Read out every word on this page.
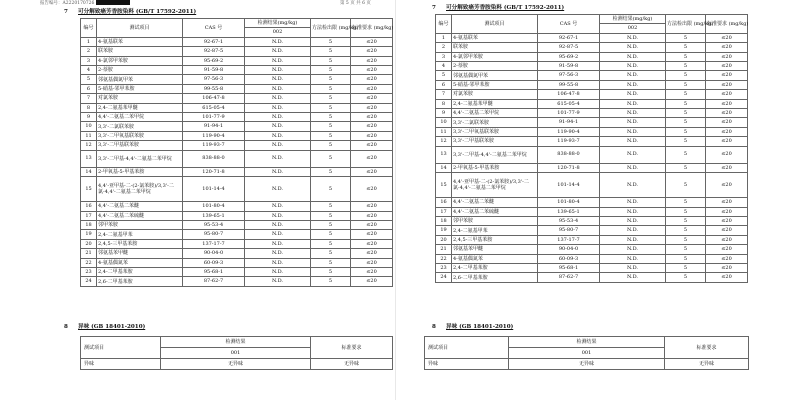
报告编号：A2220170726	第 5 页 共 6 页
7 可分解致癌芳香胺染料 (GB/T 17592-2011)
编号	测试项目	CAS 号	检测结果(mg/kg)	方法检出限 (mg/kg)	标准要求 (mg/kg)
			002		
1	4-氨基联苯	92-67-1	N.D.	5	≤20
2	联苯胺	92-87-5	N.D.	5	≤20
3	4-氯邻甲苯胺	95-69-2	N.D.	5	≤20
4	2-萘胺	91-59-8	N.D.	5	≤20
5	邻氨基偶氮甲苯	97-56-3	N.D.	5	≤20
6	5-硝基-邻甲苯胺	99-55-8	N.D.	5	≤20
7	对氯苯胺	106-47-8	N.D.	5	≤20
8	2,4-二氨基苯甲醚	615-05-4	N.D.	5	≤20
9	4,4'-二氨基二苯甲烷	101-77-9	N.D.	5	≤20
10	3,3'-二氯联苯胺	91-94-1	N.D.	5	≤20
11	3,3'-二甲氧基联苯胺	119-90-4	N.D.	5	≤20
12	3,3'-二甲基联苯胺	119-93-7	N.D.	5	≤20
13	3,3'-二甲基-4,4'-二氨基二苯甲烷	838-88-0	N.D.	5	≤20
14	2-甲氧基-5-甲基苯胺	120-71-8	N.D.	5	≤20
15	4,4'-亚甲基-二-(2-氯苯胺)/3,3'-二氯-4,4'-二氨基二苯甲烷	101-14-4	N.D.	5	≤20
16	4,4'-二氨基二苯醚	101-80-4	N.D.	5	≤20
17	4,4'-二氨基二苯硫醚	139-65-1	N.D.	5	≤20
18	邻甲苯胺	95-53-4	N.D.	5	≤20
19	2,4-二氨基甲苯	95-80-7	N.D.	5	≤20
20	2,4,5-三甲基苯胺	137-17-7	N.D.	5	≤20
21	邻氨基苯甲醚	90-04-0	N.D.	5	≤20
22	4-氨基偶氮苯	60-09-3	N.D.	5	≤20
23	2,4-二甲基苯胺	95-68-1	N.D.	5	≤20
24	2,6-二甲基苯胺	87-62-7	N.D.	5	≤20
8 异味 (GB 18401-2010)
测试项目	检测结果	标准要求
	001	
异味	无异味	无异味
7 可分解致癌芳香胺染料 (GB/T 17592-2011)
编号	测试项目	CAS 号	检测结果(mg/kg)	方法检出限 (mg/kg)	标准要求 (mg/kg)
			002		
1	4-氨基联苯	92-67-1	N.D.	5	≤20
2	联苯胺	92-87-5	N.D.	5	≤20
3	4-氯邻甲苯胺	95-69-2	N.D.	5	≤20
4	2-萘胺	91-59-8	N.D.	5	≤20
5	邻氨基偶氮甲苯	97-56-3	N.D.	5	≤20
6	5-硝基-邻甲苯胺	99-55-8	N.D.	5	≤20
7	对氯苯胺	106-47-8	N.D.	5	≤20
8	2,4-二氨基苯甲醚	615-05-4	N.D.	5	≤20
9	4,4'-二氨基二苯甲烷	101-77-9	N.D.	5	≤20
10	3,3'-二氯联苯胺	91-94-1	N.D.	5	≤20
11	3,3'-二甲氧基联苯胺	119-90-4	N.D.	5	≤20
12	3,3'-二甲基联苯胺	119-93-7	N.D.	5	≤20
13	3,3'-二甲基-4,4'-二氨基二苯甲烷	838-88-0	N.D.	5	≤20
14	2-甲氧基-5-甲基苯胺	120-71-8	N.D.	5	≤20
15	4,4'-亚甲基-二-(2-氯苯胺)/3,3'-二氯-4,4'-二氨基二苯甲烷	101-14-4	N.D.	5	≤20
16	4,4'-二氨基二苯醚	101-80-4	N.D.	5	≤20
17	4,4'-二氨基二苯硫醚	139-65-1	N.D.	5	≤20
18	邻甲苯胺	95-53-4	N.D.	5	≤20
19	2,4-二氨基甲苯	95-80-7	N.D.	5	≤20
20	2,4,5-三甲基苯胺	137-17-7	N.D.	5	≤20
21	邻氨基苯甲醚	90-04-0	N.D.	5	≤20
22	4-氨基偶氮苯	60-09-3	N.D.	5	≤20
23	2,4-二甲基苯胺	95-68-1	N.D.	5	≤20
24	2,6-二甲基苯胺	87-62-7	N.D.	5	≤20
8 异味 (GB 18401-2010)
测试项目	检测结果	标准要求
	001	
异味	无异味	无异味
